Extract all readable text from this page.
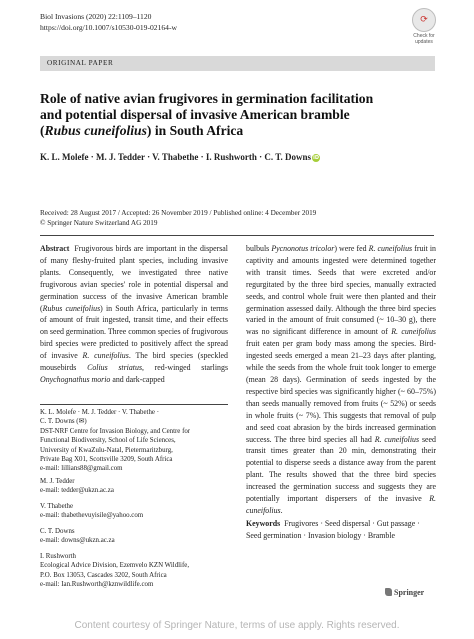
Biol Invasions (2020) 22:1109–1120
https://doi.org/10.1007/s10530-019-02164-w
⟳
Check for updates
ORIGINAL PAPER
Role of native avian frugivores in germination facilitation
and potential dispersal of invasive American bramble
(Rubus cuneifolius) in South Africa
K. L. Molefe · M. J. Tedder · V. Thabethe · I. Rushworth · C. T. Downs iD
Received: 28 August 2017 / Accepted: 26 November 2019 / Published online: 4 December 2019
© Springer Nature Switzerland AG 2019

Abstract Frugivorous birds are important in the dispersal of many fleshy-fruited plant species, including invasive plants. Consequently, we investigated three native frugivorous avian species' role in potential dispersal and germination success of the invasive American bramble (Rubus cuneifolius) in South Africa, particularly in terms of amount of fruit ingested, transit time, and their effects on seed germination. Three common species of frugivorous bird species were predicted to positively affect the spread of invasive R. cuneifolius. The bird species (speckled mousebirds Colius striatus, red-winged starlings Onychognathus morio and dark-capped

bulbuls Pycnonotus tricolor) were fed R. cuneifolius fruit in captivity and amounts ingested were determined together with transit times. Seeds that were excreted and/or regurgitated by the three bird species, manually extracted seeds, and control whole fruit were then planted and their germination assessed daily. Although the three bird species varied in the amount of fruit consumed (~ 10–30 g), there was no significant difference in amount of R. cuneifolius fruit eaten per gram body mass among the species. Bird-ingested seeds emerged a mean 21–23 days after planting, while the seeds from the whole fruit took longer to emerge (mean 28 days). Germination of seeds ingested by the respective bird species was significantly higher (~ 60–75%) than seeds manually removed from fruits (~ 52%) or seeds in whole fruits (~ 7%). This suggests that removal of pulp and seed coat abrasion by the birds increased germination success. The three bird species all had R. cuneifolius seed transit times greater than 20 min, demonstrating their potential to disperse seeds a distance away from the parent plant. The results showed that the three bird species increased the germination success and suggests they are potentially important dispersers of the invasive R. cuneifolius.

Keywords Frugivores · Seed dispersal · Gut passage · Seed germination · Invasion biology · Bramble
K. L. Molefe · M. J. Tedder · V. Thabethe ·
C. T. Downs (✉)
DST-NRF Centre for Invasion Biology, and Centre for
Functional Biodiversity, School of Life Sciences,
University of KwaZulu-Natal, Pietermaritzburg,
Private Bag X01, Scottsville 3209, South Africa
e-mail: lillians88@gmail.com
M. J. Tedder
e-mail: tedder@ukzn.ac.za
V. Thabethe
e-mail: thabethevuyisile@yahoo.com
C. T. Downs
e-mail: downs@ukzn.ac.za
I. Rushworth
Ecological Advice Division, Ezemvelo KZN Wildlife,
P.O. Box 13053, Cascades 3202, South Africa
e-mail: Ian.Rushworth@kznwildlife.com
Springer
Content courtesy of Springer Nature, terms of use apply. Rights reserved.
